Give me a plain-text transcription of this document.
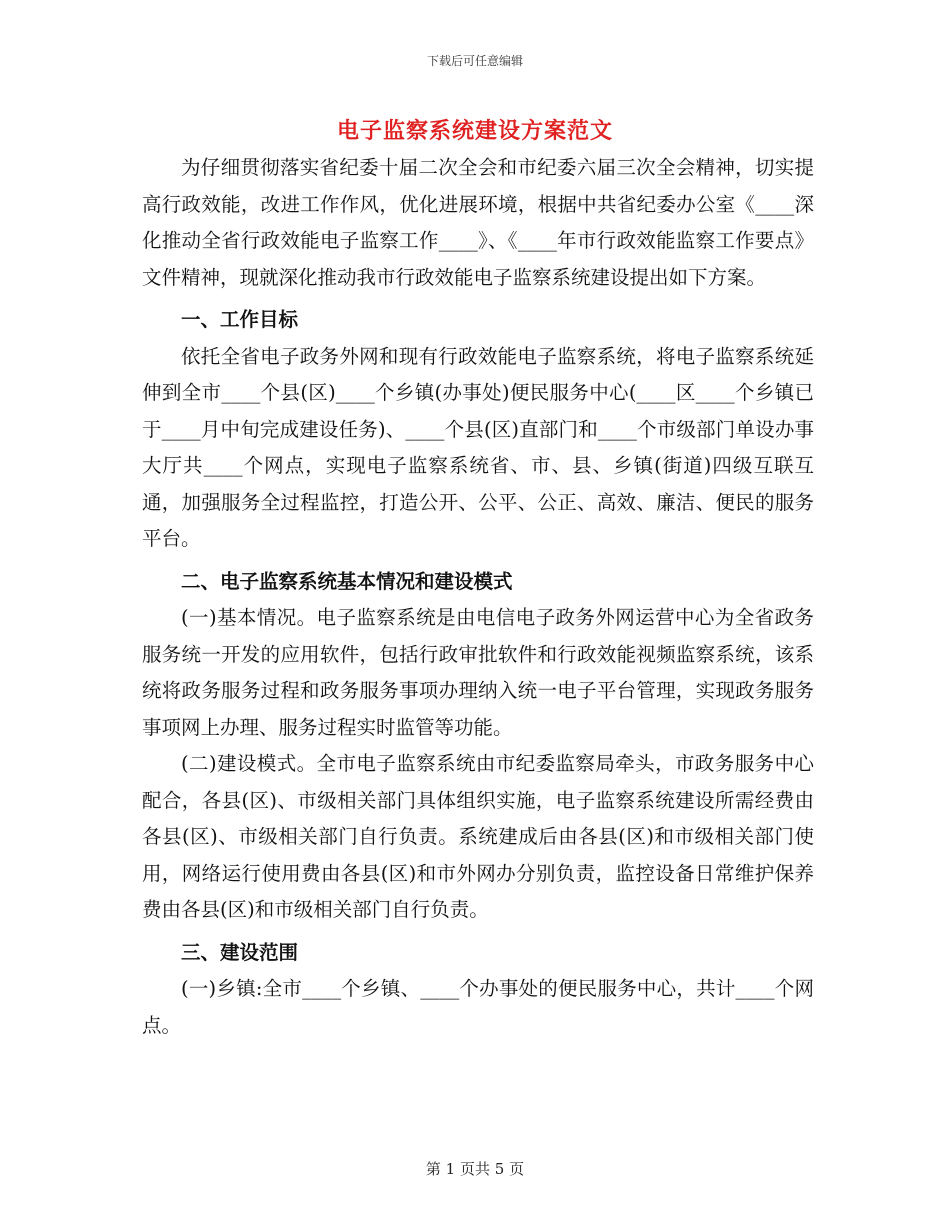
下载后可任意编辑
电子监察系统建设方案范文

为仔细贯彻落实省纪委十届二次全会和市纪委六届三次全会精神，切实提高行政效能，改进工作作风，优化进展环境，根据中共省纪委办公室《____深化推动全省行政效能电子监察工作____》、《____年市行政效能监察工作要点》文件精神，现就深化推动我市行政效能电子监察系统建设提出如下方案。

一、工作目标

依托全省电子政务外网和现有行政效能电子监察系统，将电子监察系统延伸到全市____个县(区)____个乡镇(办事处)便民服务中心(____区____个乡镇已于____月中旬完成建设任务)、____个县(区)直部门和____个市级部门单设办事大厅共____个网点，实现电子监察系统省、市、县、乡镇(街道)四级互联互通，加强服务全过程监控，打造公开、公平、公正、高效、廉洁、便民的服务平台。

二、电子监察系统基本情况和建设模式

(一)基本情况。电子监察系统是由电信电子政务外网运营中心为全省政务服务统一开发的应用软件，包括行政审批软件和行政效能视频监察系统，该系统将政务服务过程和政务服务事项办理纳入统一电子平台管理，实现政务服务事项网上办理、服务过程实时监管等功能。

(二)建设模式。全市电子监察系统由市纪委监察局牵头，市政务服务中心配合，各县(区)、市级相关部门具体组织实施，电子监察系统建设所需经费由各县(区)、市级相关部门自行负责。系统建成后由各县(区)和市级相关部门使用，网络运行使用费由各县(区)和市外网办分别负责，监控设备日常维护保养费由各县(区)和市级相关部门自行负责。

三、建设范围

(一)乡镇:全市____个乡镇、____个办事处的便民服务中心，共计____个网点。

第 1 页共 5 页
